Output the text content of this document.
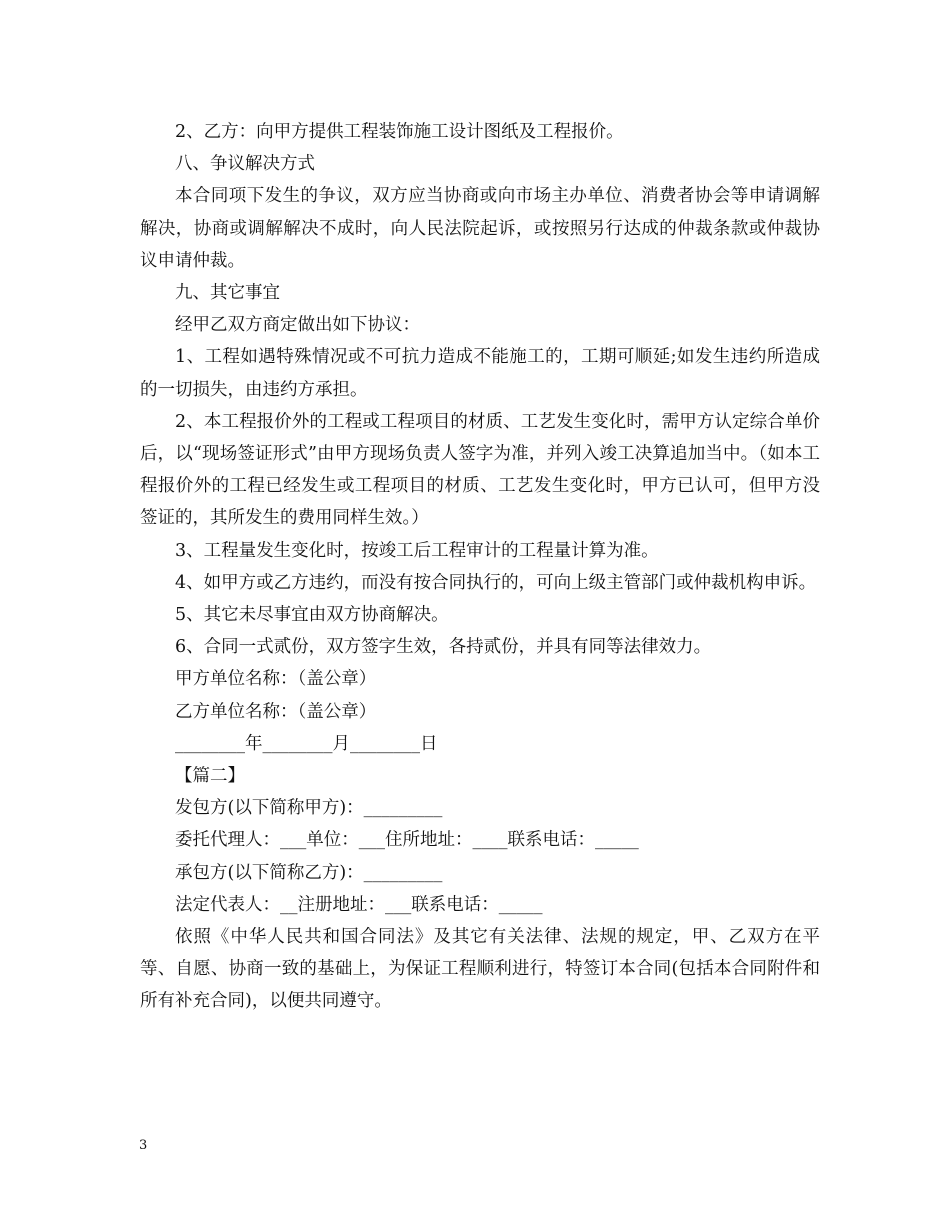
2、乙方：向甲方提供工程装饰施工设计图纸及工程报价。

八、争议解决方式

本合同项下发生的争议，双方应当协商或向市场主办单位、消费者协会等申请调解解决，协商或调解解决不成时，向人民法院起诉，或按照另行达成的仲裁条款或仲裁协议申请仲裁。

九、其它事宜

经甲乙双方商定做出如下协议：

1、工程如遇特殊情况或不可抗力造成不能施工的，工期可顺延;如发生违约所造成的一切损失，由违约方承担。

2、本工程报价外的工程或工程项目的材质、工艺发生变化时，需甲方认定综合单价后，以“现场签证形式”由甲方现场负责人签字为准，并列入竣工决算追加当中。（如本工程报价外的工程已经发生或工程项目的材质、工艺发生变化时，甲方已认可，但甲方没签证的，其所发生的费用同样生效。）

3、工程量发生变化时，按竣工后工程审计的工程量计算为准。

4、如甲方或乙方违约，而没有按合同执行的，可向上级主管部门或仲裁机构申诉。

5、其它未尽事宜由双方协商解决。

6、合同一式贰份，双方签字生效，各持贰份，并具有同等法律效力。

甲方单位名称：（盖公章）

乙方单位名称：（盖公章）

________年________月________日

【篇二】

发包方(以下简称甲方)：_________

委托代理人：___单位：___住所地址：____联系电话：_____

承包方(以下简称乙方)：_________

法定代表人：__注册地址：___联系电话：_____

依照《中华人民共和国合同法》及其它有关法律、法规的规定，甲、乙双方在平等、自愿、协商一致的基础上，为保证工程顺利进行，特签订本合同(包括本合同附件和所有补充合同)，以便共同遵守。

3
